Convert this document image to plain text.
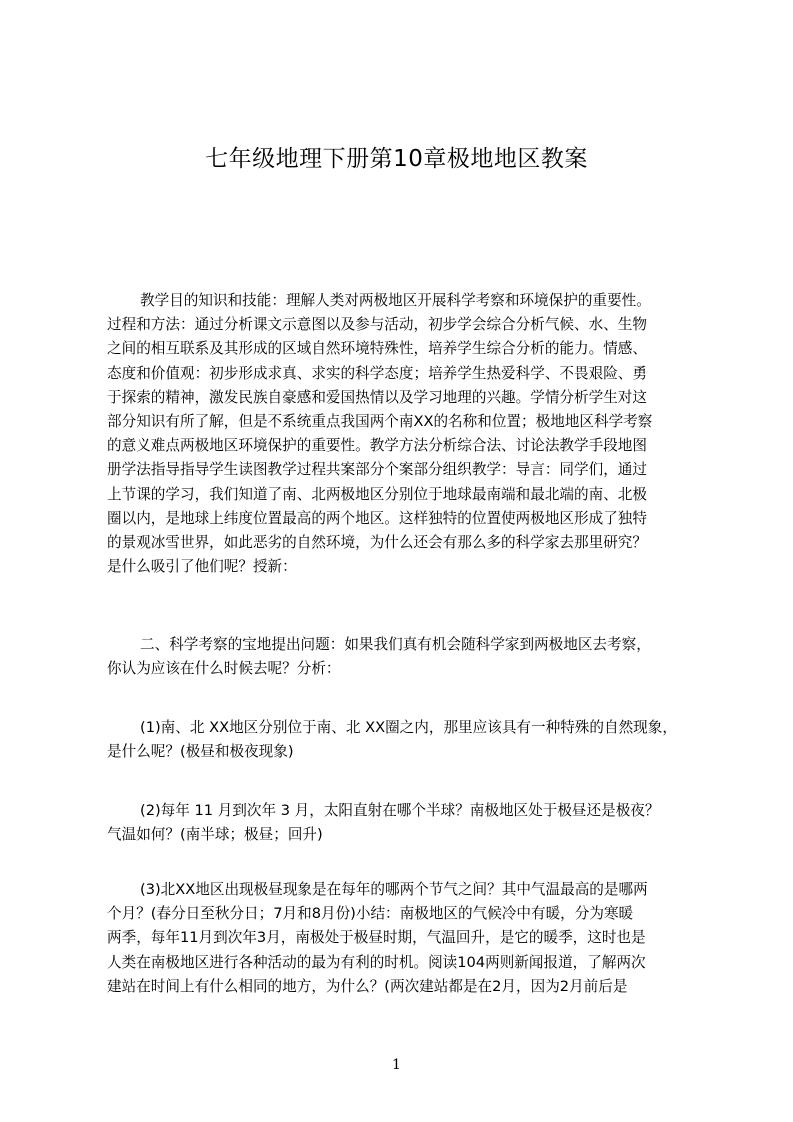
七年级地理下册第10章极地地区教案
教学目的知识和技能：理解人类对两极地区开展科学考察和环境保护的重要性。
过程和方法：通过分析课文示意图以及参与活动，初步学会综合分析气候、水、生物
之间的相互联系及其形成的区域自然环境特殊性，培养学生综合分析的能力。情感、
态度和价值观：初步形成求真、求实的科学态度；培养学生热爱科学、不畏艰险、勇
于探索的精神，激发民族自豪感和爱国热情以及学习地理的兴趣。学情分析学生对这
部分知识有所了解，但是不系统重点我国两个南XX的名称和位置；极地地区科学考察
的意义难点两极地区环境保护的重要性。教学方法分析综合法、讨论法教学手段地图
册学法指导指导学生读图教学过程共案部分个案部分组织教学：导言：同学们，通过
上节课的学习，我们知道了南、北两极地区分别位于地球最南端和最北端的南、北极
圈以内，是地球上纬度位置最高的两个地区。这样独特的位置使两极地区形成了独特
的景观冰雪世界，如此恶劣的自然环境，为什么还会有那么多的科学家去那里研究？
是什么吸引了他们呢？授新：
二、科学考察的宝地提出问题：如果我们真有机会随科学家到两极地区去考察，
你认为应该在什么时候去呢？分析：
(1)南、北 XX地区分别位于南、北 XX圈之内，那里应该具有一种特殊的自然现象，
是什么呢？(极昼和极夜现象)
(2)每年 11 月到次年 3 月，太阳直射在哪个半球？南极地区处于极昼还是极夜？
气温如何？(南半球；极昼；回升)
(3)北XX地区出现极昼现象是在每年的哪两个节气之间？其中气温最高的是哪两
个月？(春分日至秋分日；7月和8月份)小结：南极地区的气候冷中有暖，分为寒暖
两季，每年11月到次年3月，南极处于极昼时期，气温回升，是它的暖季，这时也是
人类在南极地区进行各种活动的最为有利的时机。阅读104两则新闻报道，了解两次
建站在时间上有什么相同的地方，为什么？(两次建站都是在2月，因为2月前后是
1
